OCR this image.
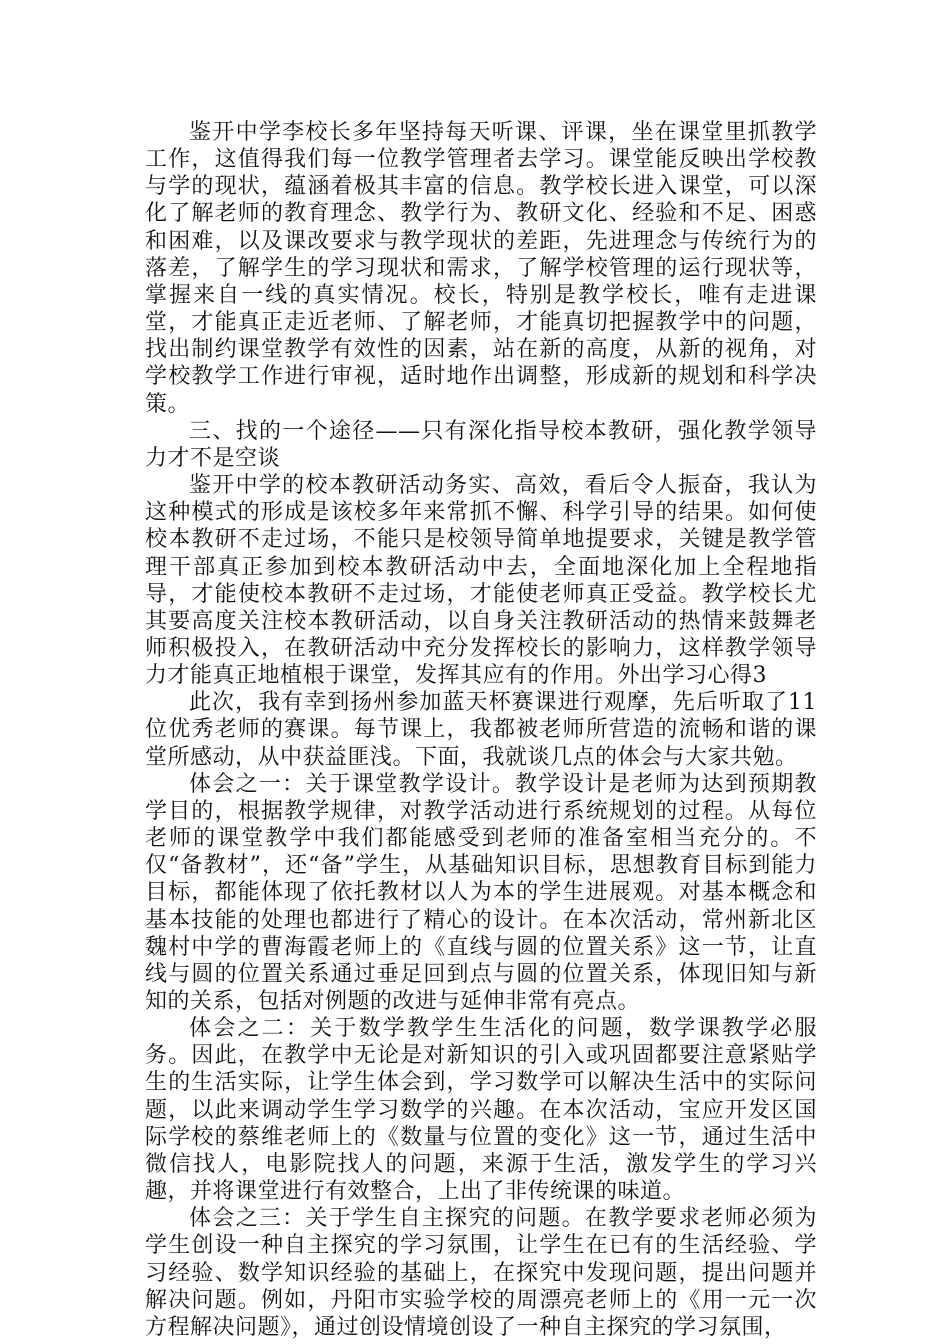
鉴开中学李校长多年坚持每天听课、评课，坐在课堂里抓教学工作，这值得我们每一位教学管理者去学习。课堂能反映出学校教与学的现状，蕴涵着极其丰富的信息。教学校长进入课堂，可以深化了解老师的教育理念、教学行为、教研文化、经验和不足、困惑和困难，以及课改要求与教学现状的差距，先进理念与传统行为的落差，了解学生的学习现状和需求，了解学校管理的运行现状等，掌握来自一线的真实情况。校长，特别是教学校长，唯有走进课堂，才能真正走近老师、了解老师，才能真切把握教学中的问题，找出制约课堂教学有效性的因素，站在新的高度，从新的视角，对学校教学工作进行审视，适时地作出调整，形成新的规划和科学决策。

三、找的一个途径——只有深化指导校本教研，强化教学领导力才不是空谈

鉴开中学的校本教研活动务实、高效，看后令人振奋，我认为这种模式的形成是该校多年来常抓不懈、科学引导的结果。如何使校本教研不走过场，不能只是校领导简单地提要求，关键是教学管理干部真正参加到校本教研活动中去，全面地深化加上全程地指导，才能使校本教研不走过场，才能使老师真正受益。教学校长尤其要高度关注校本教研活动，以自身关注教研活动的热情来鼓舞老师积极投入，在教研活动中充分发挥校长的影响力，这样教学领导力才能真正地植根于课堂，发挥其应有的作用。外出学习心得3

此次，我有幸到扬州参加蓝天杯赛课进行观摩，先后听取了11位优秀老师的赛课。每节课上，我都被老师所营造的流畅和谐的课堂所感动，从中获益匪浅。下面，我就谈几点的体会与大家共勉。

体会之一：关于课堂教学设计。教学设计是老师为达到预期教学目的，根据教学规律，对教学活动进行系统规划的过程。从每位老师的课堂教学中我们都能感受到老师的准备室相当充分的。不仅“备教材”，还“备”学生，从基础知识目标，思想教育目标到能力目标，都能体现了依托教材以人为本的学生进展观。对基本概念和基本技能的处理也都进行了精心的设计。在本次活动，常州新北区魏村中学的曹海霞老师上的《直线与圆的位置关系》这一节，让直线与圆的位置关系通过垂足回到点与圆的位置关系，体现旧知与新知的关系，包括对例题的改进与延伸非常有亮点。

体会之二：关于数学教学生生活化的问题，数学课教学必服务。因此，在教学中无论是对新知识的引入或巩固都要注意紧贴学生的生活实际，让学生体会到，学习数学可以解决生活中的实际问题，以此来调动学生学习数学的兴趣。在本次活动，宝应开发区国际学校的蔡维老师上的《数量与位置的变化》这一节，通过生活中微信找人，电影院找人的问题，来源于生活，激发学生的学习兴趣，并将课堂进行有效整合，上出了非传统课的味道。

体会之三：关于学生自主探究的问题。在教学要求老师必须为学生创设一种自主探究的学习氛围，让学生在已有的生活经验、学习经验、数学知识经验的基础上，在探究中发现问题，提出问题并解决问题。例如，丹阳市实验学校的周漂亮老师上的《用一元一次方程解决问题》，通过创设情境创设了一种自主探究的学习氛围，
